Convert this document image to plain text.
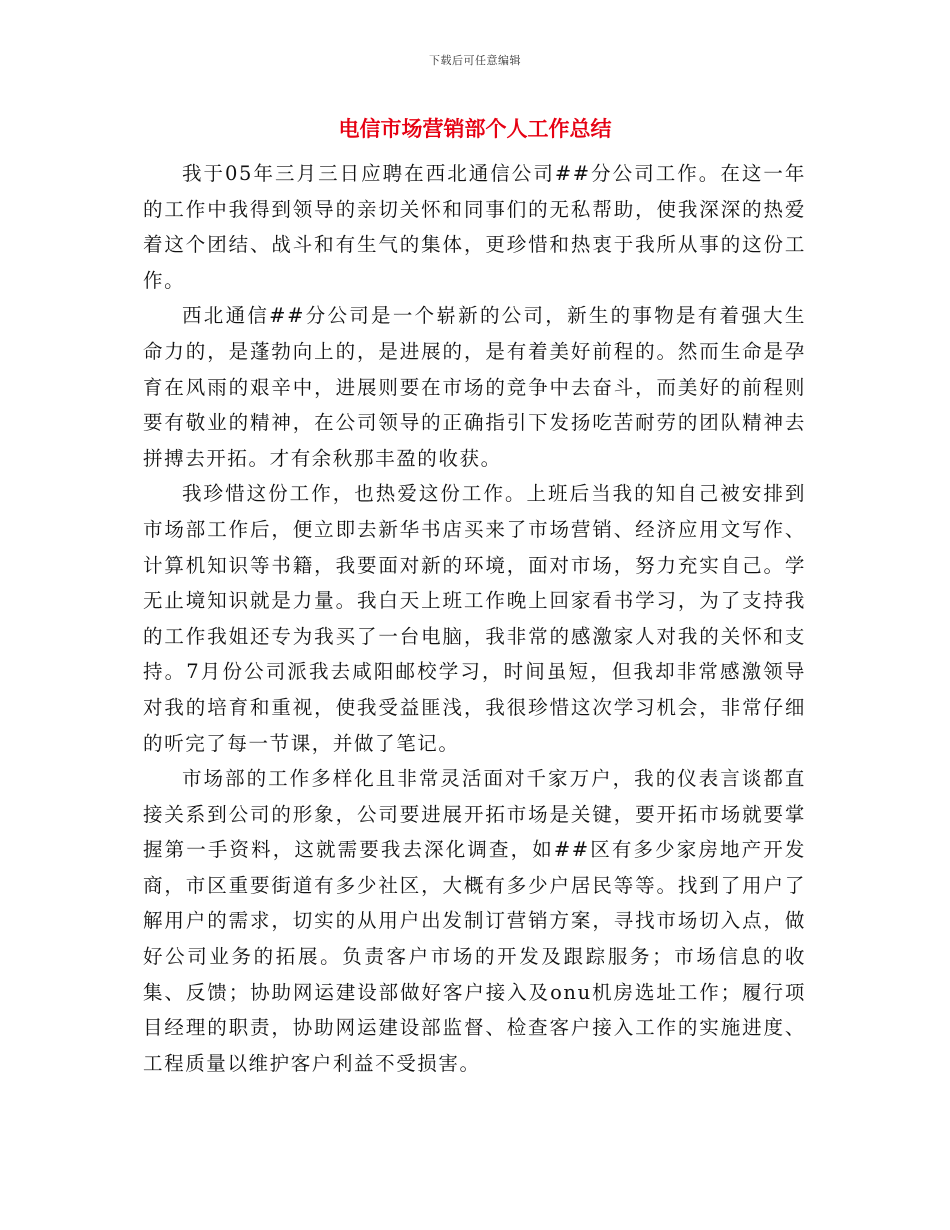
下载后可任意编辑
电信市场营销部个人工作总结

我于05年三月三日应聘在西北通信公司##分公司工作。在这一年的工作中我得到领导的亲切关怀和同事们的无私帮助，使我深深的热爱着这个团结、战斗和有生气的集体，更珍惜和热衷于我所从事的这份工作。

西北通信##分公司是一个崭新的公司，新生的事物是有着强大生命力的，是蓬勃向上的，是进展的，是有着美好前程的。然而生命是孕育在风雨的艰辛中，进展则要在市场的竞争中去奋斗，而美好的前程则要有敬业的精神，在公司领导的正确指引下发扬吃苦耐劳的团队精神去拼搏去开拓。才有余秋那丰盈的收获。

我珍惜这份工作，也热爱这份工作。上班后当我的知自己被安排到市场部工作后，便立即去新华书店买来了市场营销、经济应用文写作、计算机知识等书籍，我要面对新的环境，面对市场，努力充实自己。学无止境知识就是力量。我白天上班工作晚上回家看书学习，为了支持我的工作我姐还专为我买了一台电脑，我非常的感激家人对我的关怀和支持。7月份公司派我去咸阳邮校学习，时间虽短，但我却非常感激领导对我的培育和重视，使我受益匪浅，我很珍惜这次学习机会，非常仔细的听完了每一节课，并做了笔记。

市场部的工作多样化且非常灵活面对千家万户，我的仪表言谈都直接关系到公司的形象，公司要进展开拓市场是关键，要开拓市场就要掌握第一手资料，这就需要我去深化调查，如##区有多少家房地产开发商，市区重要街道有多少社区，大概有多少户居民等等。找到了用户了解用户的需求，切实的从用户出发制订营销方案，寻找市场切入点，做好公司业务的拓展。负责客户市场的开发及跟踪服务；市场信息的收集、反馈；协助网运建设部做好客户接入及onu机房选址工作；履行项目经理的职责，协助网运建设部监督、检查客户接入工作的实施进度、工程质量以维护客户利益不受损害。
